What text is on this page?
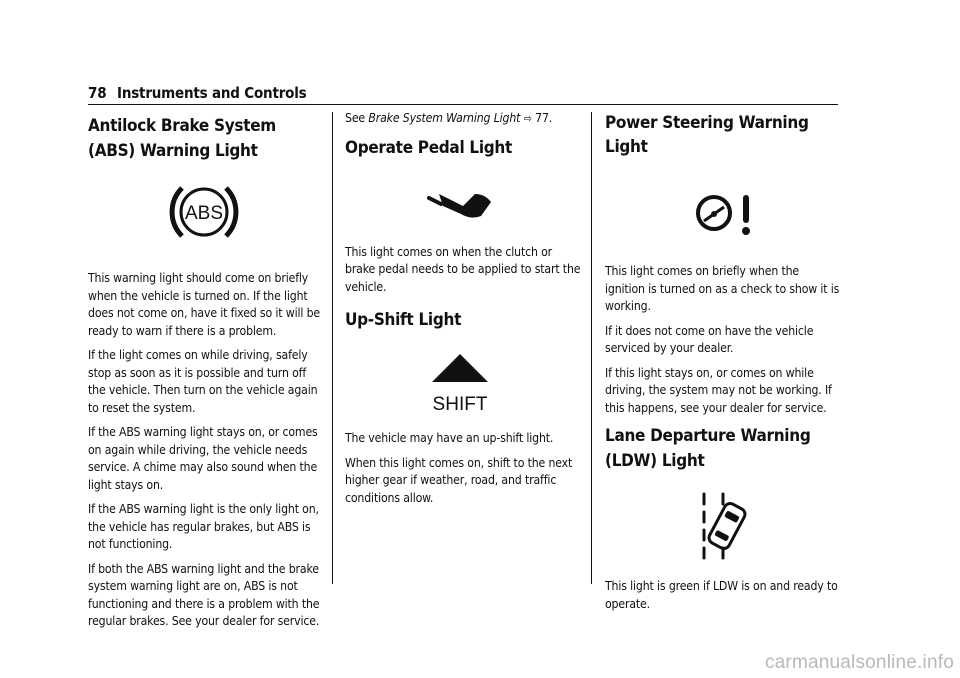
78 Instruments and Controls
Antilock Brake System (ABS) Warning Light
ABS

This warning light should come on briefly when the vehicle is turned on. If the light does not come on, have it fixed so it will be ready to warn if there is a problem.

If the light comes on while driving, safely stop as soon as it is possible and turn off the vehicle. Then turn on the vehicle again to reset the system.

If the ABS warning light stays on, or comes on again while driving, the vehicle needs service. A chime may also sound when the light stays on.

If the ABS warning light is the only light on, the vehicle has regular brakes, but ABS is not functioning.

If both the ABS warning light and the brake system warning light are on, ABS is not functioning and there is a problem with the regular brakes. See your dealer for service.

See Brake System Warning Light ⇨ 77.

Operate Pedal Light

This light comes on when the clutch or brake pedal needs to be applied to start the vehicle.

Up-Shift Light
SHIFT

The vehicle may have an up-shift light.

When this light comes on, shift to the next higher gear if weather, road, and traffic conditions allow.

Power Steering Warning Light

This light comes on briefly when the ignition is turned on as a check to show it is working.

If it does not come on have the vehicle serviced by your dealer.

If this light stays on, or comes on while driving, the system may not be working. If this happens, see your dealer for service.

Lane Departure Warning (LDW) Light

This light is green if LDW is on and ready to operate.

carmanualsonline.info
